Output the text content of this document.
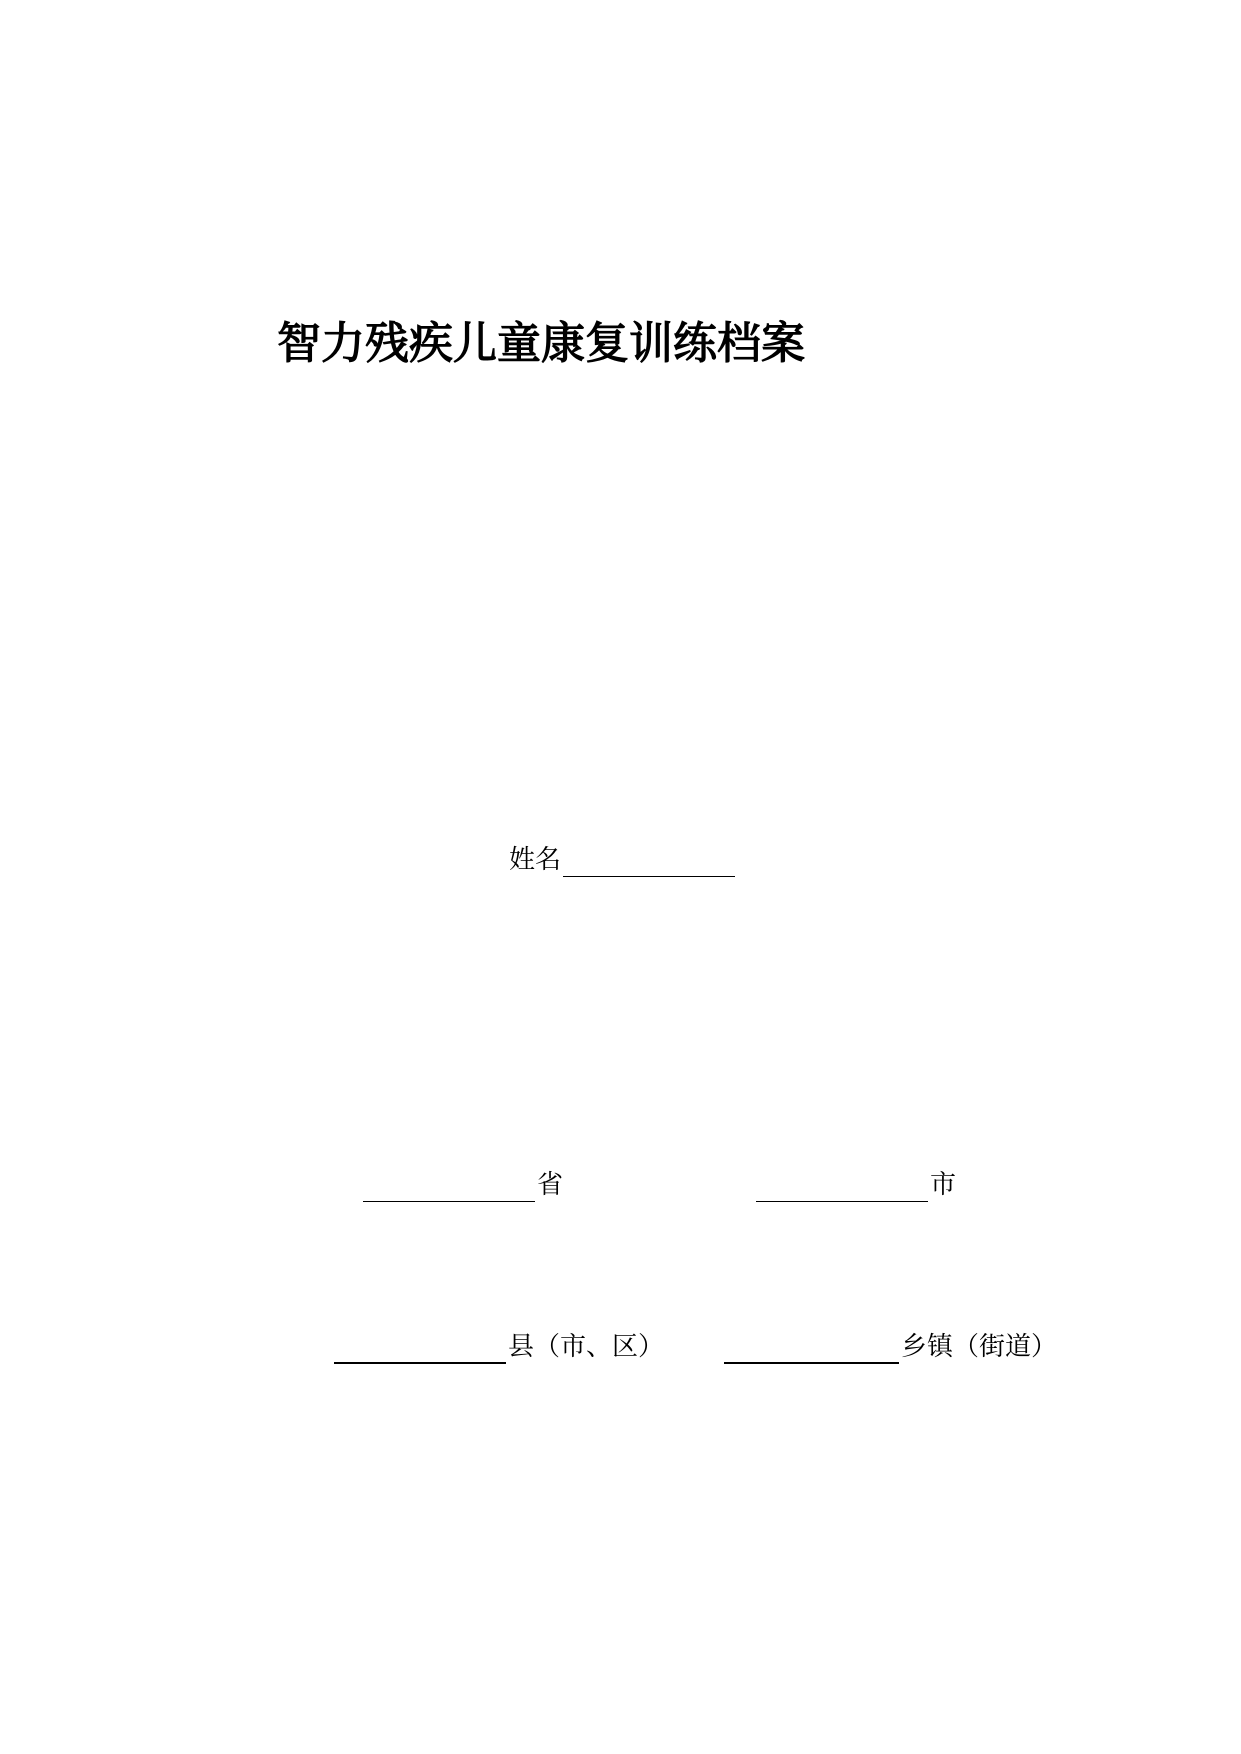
智力残疾儿童康复训练档案
姓名
省	市
县（市、区）	乡镇（街道）
